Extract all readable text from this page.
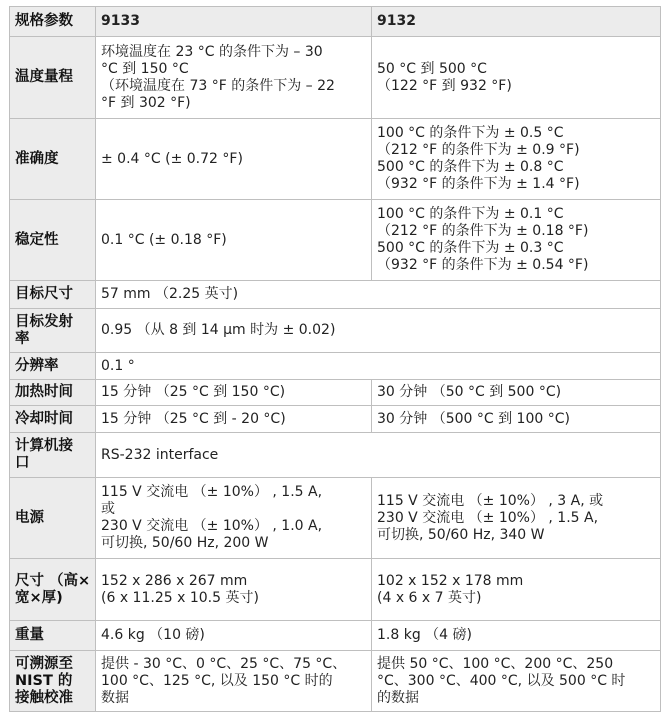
规格参数	9133	9132

温度量程	环境温度在 23 °C 的条件下为 – 30
°C 到 150 °C
（环境温度在 73 °F 的条件下为 – 22
°F 到 302 °F)	50 °C 到 500 °C
（122 °F 到 932 °F)

准确度	± 0.4 °C (± 0.72 °F)	100 °C 的条件下为 ± 0.5 °C
（212 °F 的条件下为 ± 0.9 °F)
500 °C 的条件下为 ± 0.8 °C
（932 °F 的条件下为 ± 1.4 °F)

稳定性	0.1 °C (± 0.18 °F)	100 °C 的条件下为 ± 0.1 °C
（212 °F 的条件下为 ± 0.18 °F)
500 °C 的条件下为 ± 0.3 °C
（932 °F 的条件下为 ± 0.54 °F)

目标尺寸	57 mm （2.25 英寸)	

目标发射
率	0.95 （从 8 到 14 μm 时为 ± 0.02)	

分辨率	0.1 °	

加热时间	15 分钟 （25 °C 到 150 °C)	30 分钟 （50 °C 到 500 °C)

冷却时间	15 分钟 （25 °C 到 - 20 °C)	30 分钟 （500 °C 到 100 °C)

计算机接
口	RS-232 interface	

电源	115 V 交流电 （± 10%） , 1.5 A,
或
230 V 交流电 （± 10%） , 1.0 A,
可切换, 50/60 Hz, 200 W	115 V 交流电 （± 10%） , 3 A, 或
230 V 交流电 （± 10%） , 1.5 A,
可切换, 50/60 Hz, 340 W

尺寸 （高×
宽×厚)	152 x 286 x 267 mm
(6 x 11.25 x 10.5 英寸)	102 x 152 x 178 mm
(4 x 6 x 7 英寸)

重量	4.6 kg （10 磅)	1.8 kg （4 磅)

可溯源至
NIST 的
接触校准	提供 - 30 °C、0 °C、25 °C、75 °C、
100 °C、125 °C, 以及 150 °C 时的
数据	提供 50 °C、100 °C、200 °C、250
°C、300 °C、400 °C, 以及 500 °C 时
的数据
